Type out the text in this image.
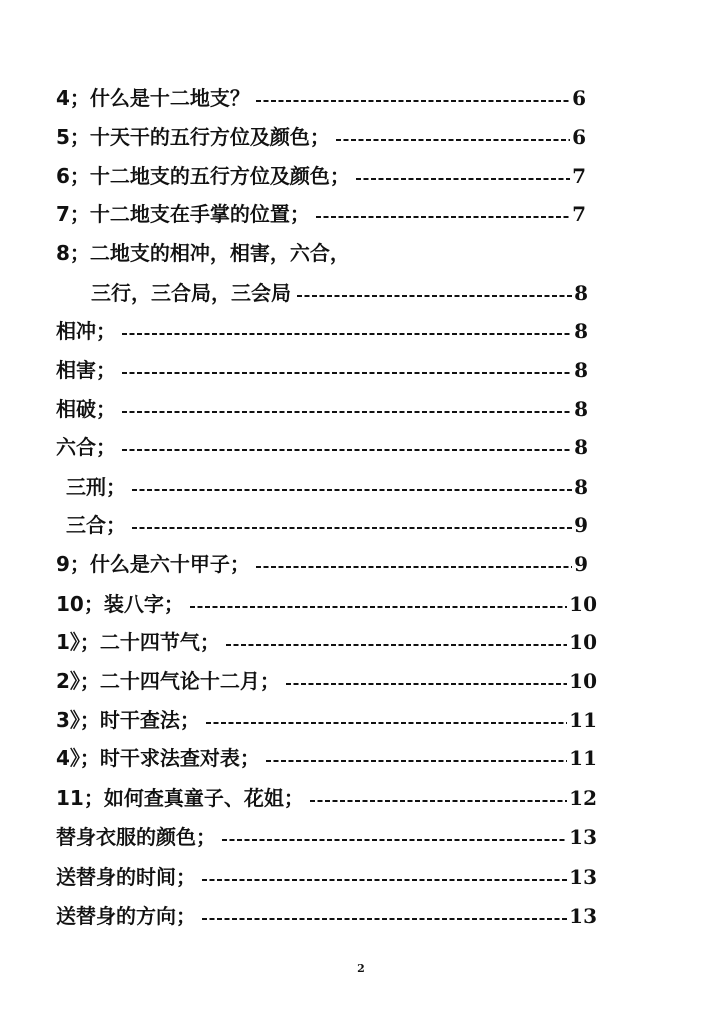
4；什么是十二地支？	6
5；十天干的五行方位及颜色；	6
6；十二地支的五行方位及颜色；	7
7；十二地支在手掌的位置；	7
8；二地支的相冲，相害，六合，
三行，三合局，三会局	8
相冲；	8
相害；	8
相破；	8
六合；	8
三刑；	8
三合；	9
9；什么是六十甲子；	9
10；装八字；	10
1》；二十四节气；	10
2》；二十四气论十二月；	10
3》；时干查法；	11
4》；时干求法查对表；	11
11；如何查真童子、花姐；	12
替身衣服的颜色；	13
送替身的时间；	13
送替身的方向；	13
2
